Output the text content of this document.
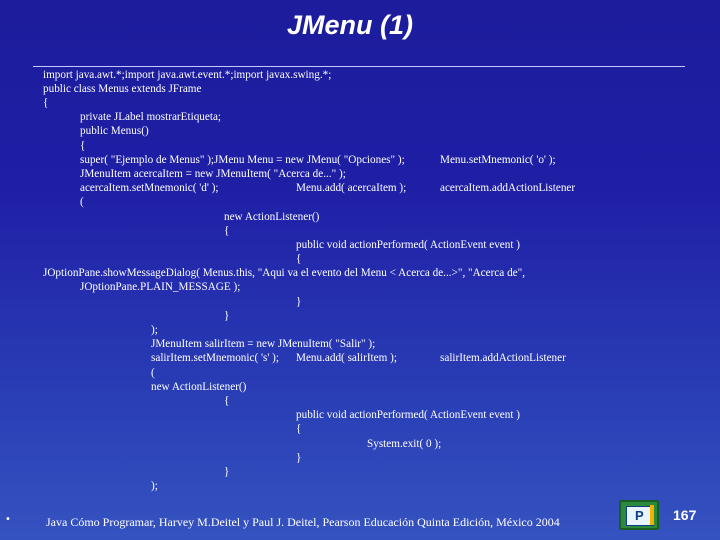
JMenu (1)
import java.awt.*;import java.awt.event.*;import javax.swing.*;
public class Menus extends JFrame
{
private JLabel mostrarEtiqueta;
public Menus()
{
super( "Ejemplo de Menus" );JMenu Menu = new JMenu( "Opciones" );	Menu.setMnemonic( 'o' );
JMenuItem acercaItem = new JMenuItem( "Acerca de..." );
acercaItem.setMnemonic( 'd' );	Menu.add( acercaItem );	acercaItem.addActionListener
(
new ActionListener()
{
public void actionPerformed( ActionEvent event )
{
JOptionPane.showMessageDialog( Menus.this, "Aqui va el evento del Menu < Acerca de...>", "Acerca de",
JOptionPane.PLAIN_MESSAGE );
}
}
);
JMenuItem salirItem = new JMenuItem( "Salir" );
salirItem.setMnemonic( 's' ); Menu.add( salirItem );	salirItem.addActionListener
(
new ActionListener()
{
public void actionPerformed( ActionEvent event )
{
System.exit( 0 );
}
}
);
•	Java Cómo Programar, Harvey M.Deitel y Paul J. Deitel, Pearson Educación Quinta Edición, México 2004	P 167
